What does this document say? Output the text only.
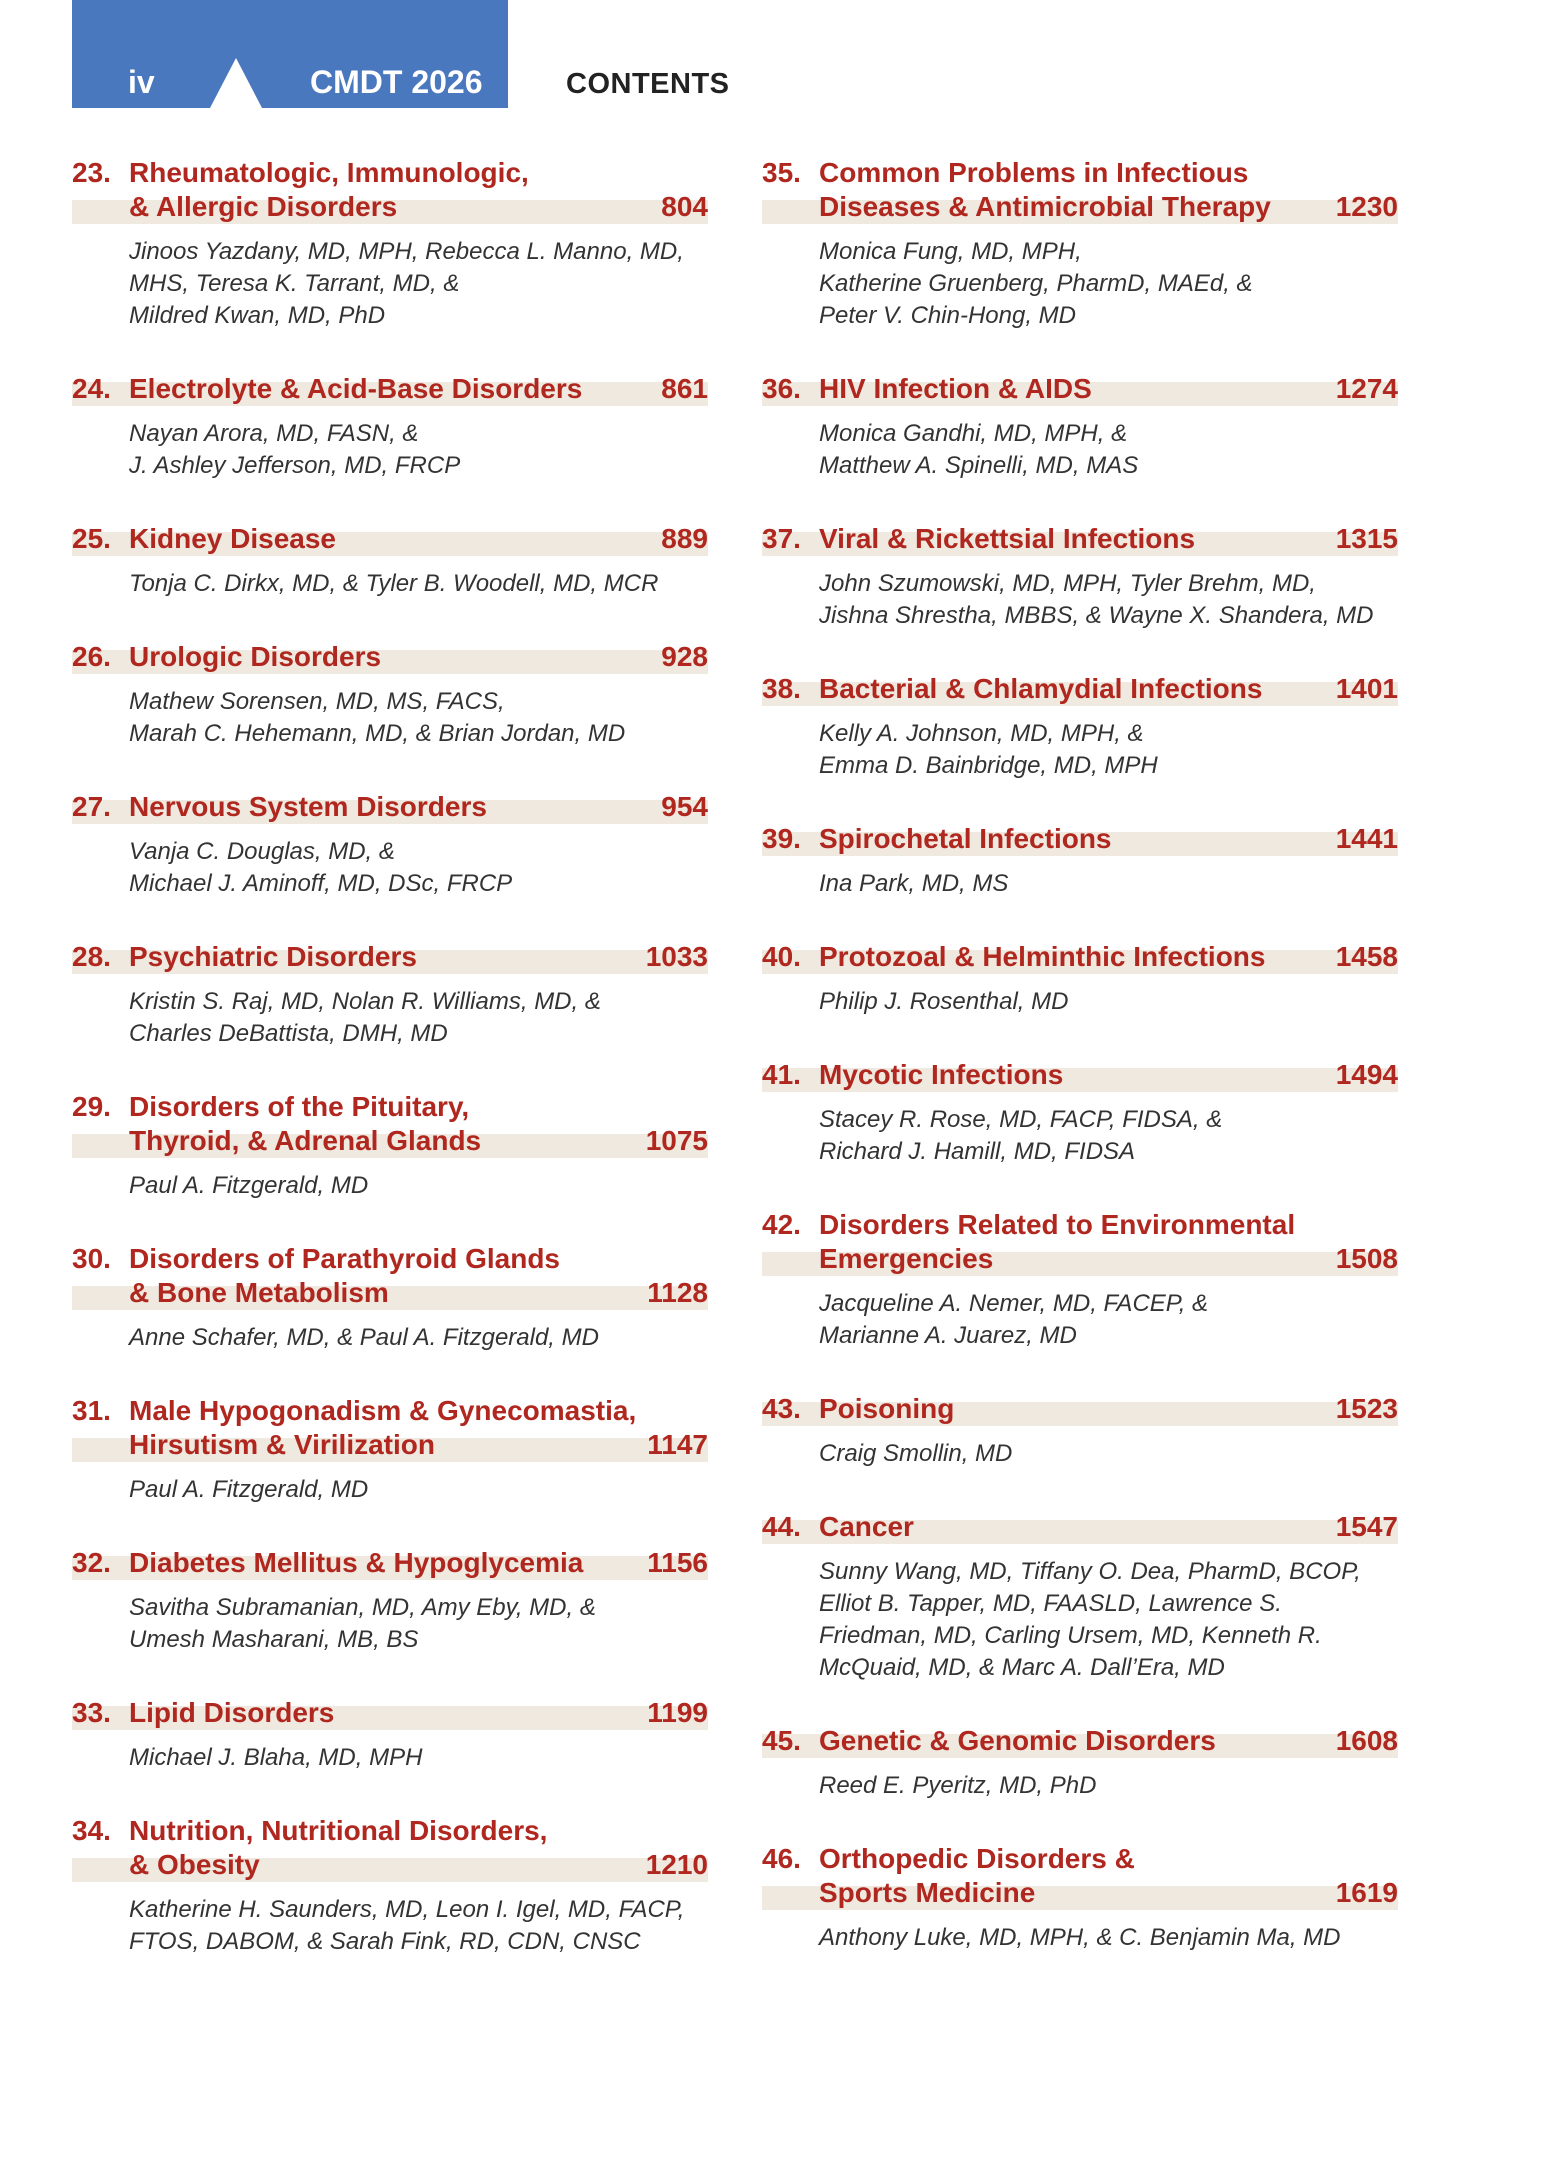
iv	CMDT 2026	CONTENTS
23. Rheumatologic, Immunologic,
& Allergic Disorders	804
Jinoos Yazdany, MD, MPH, Rebecca L. Manno, MD,
MHS, Teresa K. Tarrant, MD, &
Mildred Kwan, MD, PhD
24. Electrolyte & Acid-Base Disorders	861
Nayan Arora, MD, FASN, &
J. Ashley Jefferson, MD, FRCP
25. Kidney Disease	889
Tonja C. Dirkx, MD, & Tyler B. Woodell, MD, MCR
26. Urologic Disorders	928
Mathew Sorensen, MD, MS, FACS,
Marah C. Hehemann, MD, & Brian Jordan, MD
27. Nervous System Disorders	954
Vanja C. Douglas, MD, &
Michael J. Aminoff, MD, DSc, FRCP
28. Psychiatric Disorders	1033
Kristin S. Raj, MD, Nolan R. Williams, MD, &
Charles DeBattista, DMH, MD
29. Disorders of the Pituitary,
Thyroid, & Adrenal Glands	1075
Paul A. Fitzgerald, MD
30. Disorders of Parathyroid Glands
& Bone Metabolism	1128
Anne Schafer, MD, & Paul A. Fitzgerald, MD
31. Male Hypogonadism & Gynecomastia,
Hirsutism & Virilization	1147
Paul A. Fitzgerald, MD
32. Diabetes Mellitus & Hypoglycemia	1156
Savitha Subramanian, MD, Amy Eby, MD, &
Umesh Masharani, MB, BS
33. Lipid Disorders	1199
Michael J. Blaha, MD, MPH
34. Nutrition, Nutritional Disorders,
& Obesity	1210
Katherine H. Saunders, MD, Leon I. Igel, MD, FACP,
FTOS, DABOM, & Sarah Fink, RD, CDN, CNSC
35. Common Problems in Infectious
Diseases & Antimicrobial Therapy	1230
Monica Fung, MD, MPH,
Katherine Gruenberg, PharmD, MAEd, &
Peter V. Chin-Hong, MD
36. HIV Infection & AIDS	1274
Monica Gandhi, MD, MPH, &
Matthew A. Spinelli, MD, MAS
37. Viral & Rickettsial Infections	1315
John Szumowski, MD, MPH, Tyler Brehm, MD,
Jishna Shrestha, MBBS, & Wayne X. Shandera, MD
38. Bacterial & Chlamydial Infections	1401
Kelly A. Johnson, MD, MPH, &
Emma D. Bainbridge, MD, MPH
39. Spirochetal Infections	1441
Ina Park, MD, MS
40. Protozoal & Helminthic Infections	1458
Philip J. Rosenthal, MD
41. Mycotic Infections	1494
Stacey R. Rose, MD, FACP, FIDSA, &
Richard J. Hamill, MD, FIDSA
42. Disorders Related to Environmental
Emergencies	1508
Jacqueline A. Nemer, MD, FACEP, &
Marianne A. Juarez, MD
43. Poisoning	1523
Craig Smollin, MD
44. Cancer	1547
Sunny Wang, MD, Tiffany O. Dea, PharmD, BCOP,
Elliot B. Tapper, MD, FAASLD, Lawrence S.
Friedman, MD, Carling Ursem, MD, Kenneth R.
McQuaid, MD, & Marc A. Dall’Era, MD
45. Genetic & Genomic Disorders	1608
Reed E. Pyeritz, MD, PhD
46. Orthopedic Disorders &
Sports Medicine	1619
Anthony Luke, MD, MPH, & C. Benjamin Ma, MD
